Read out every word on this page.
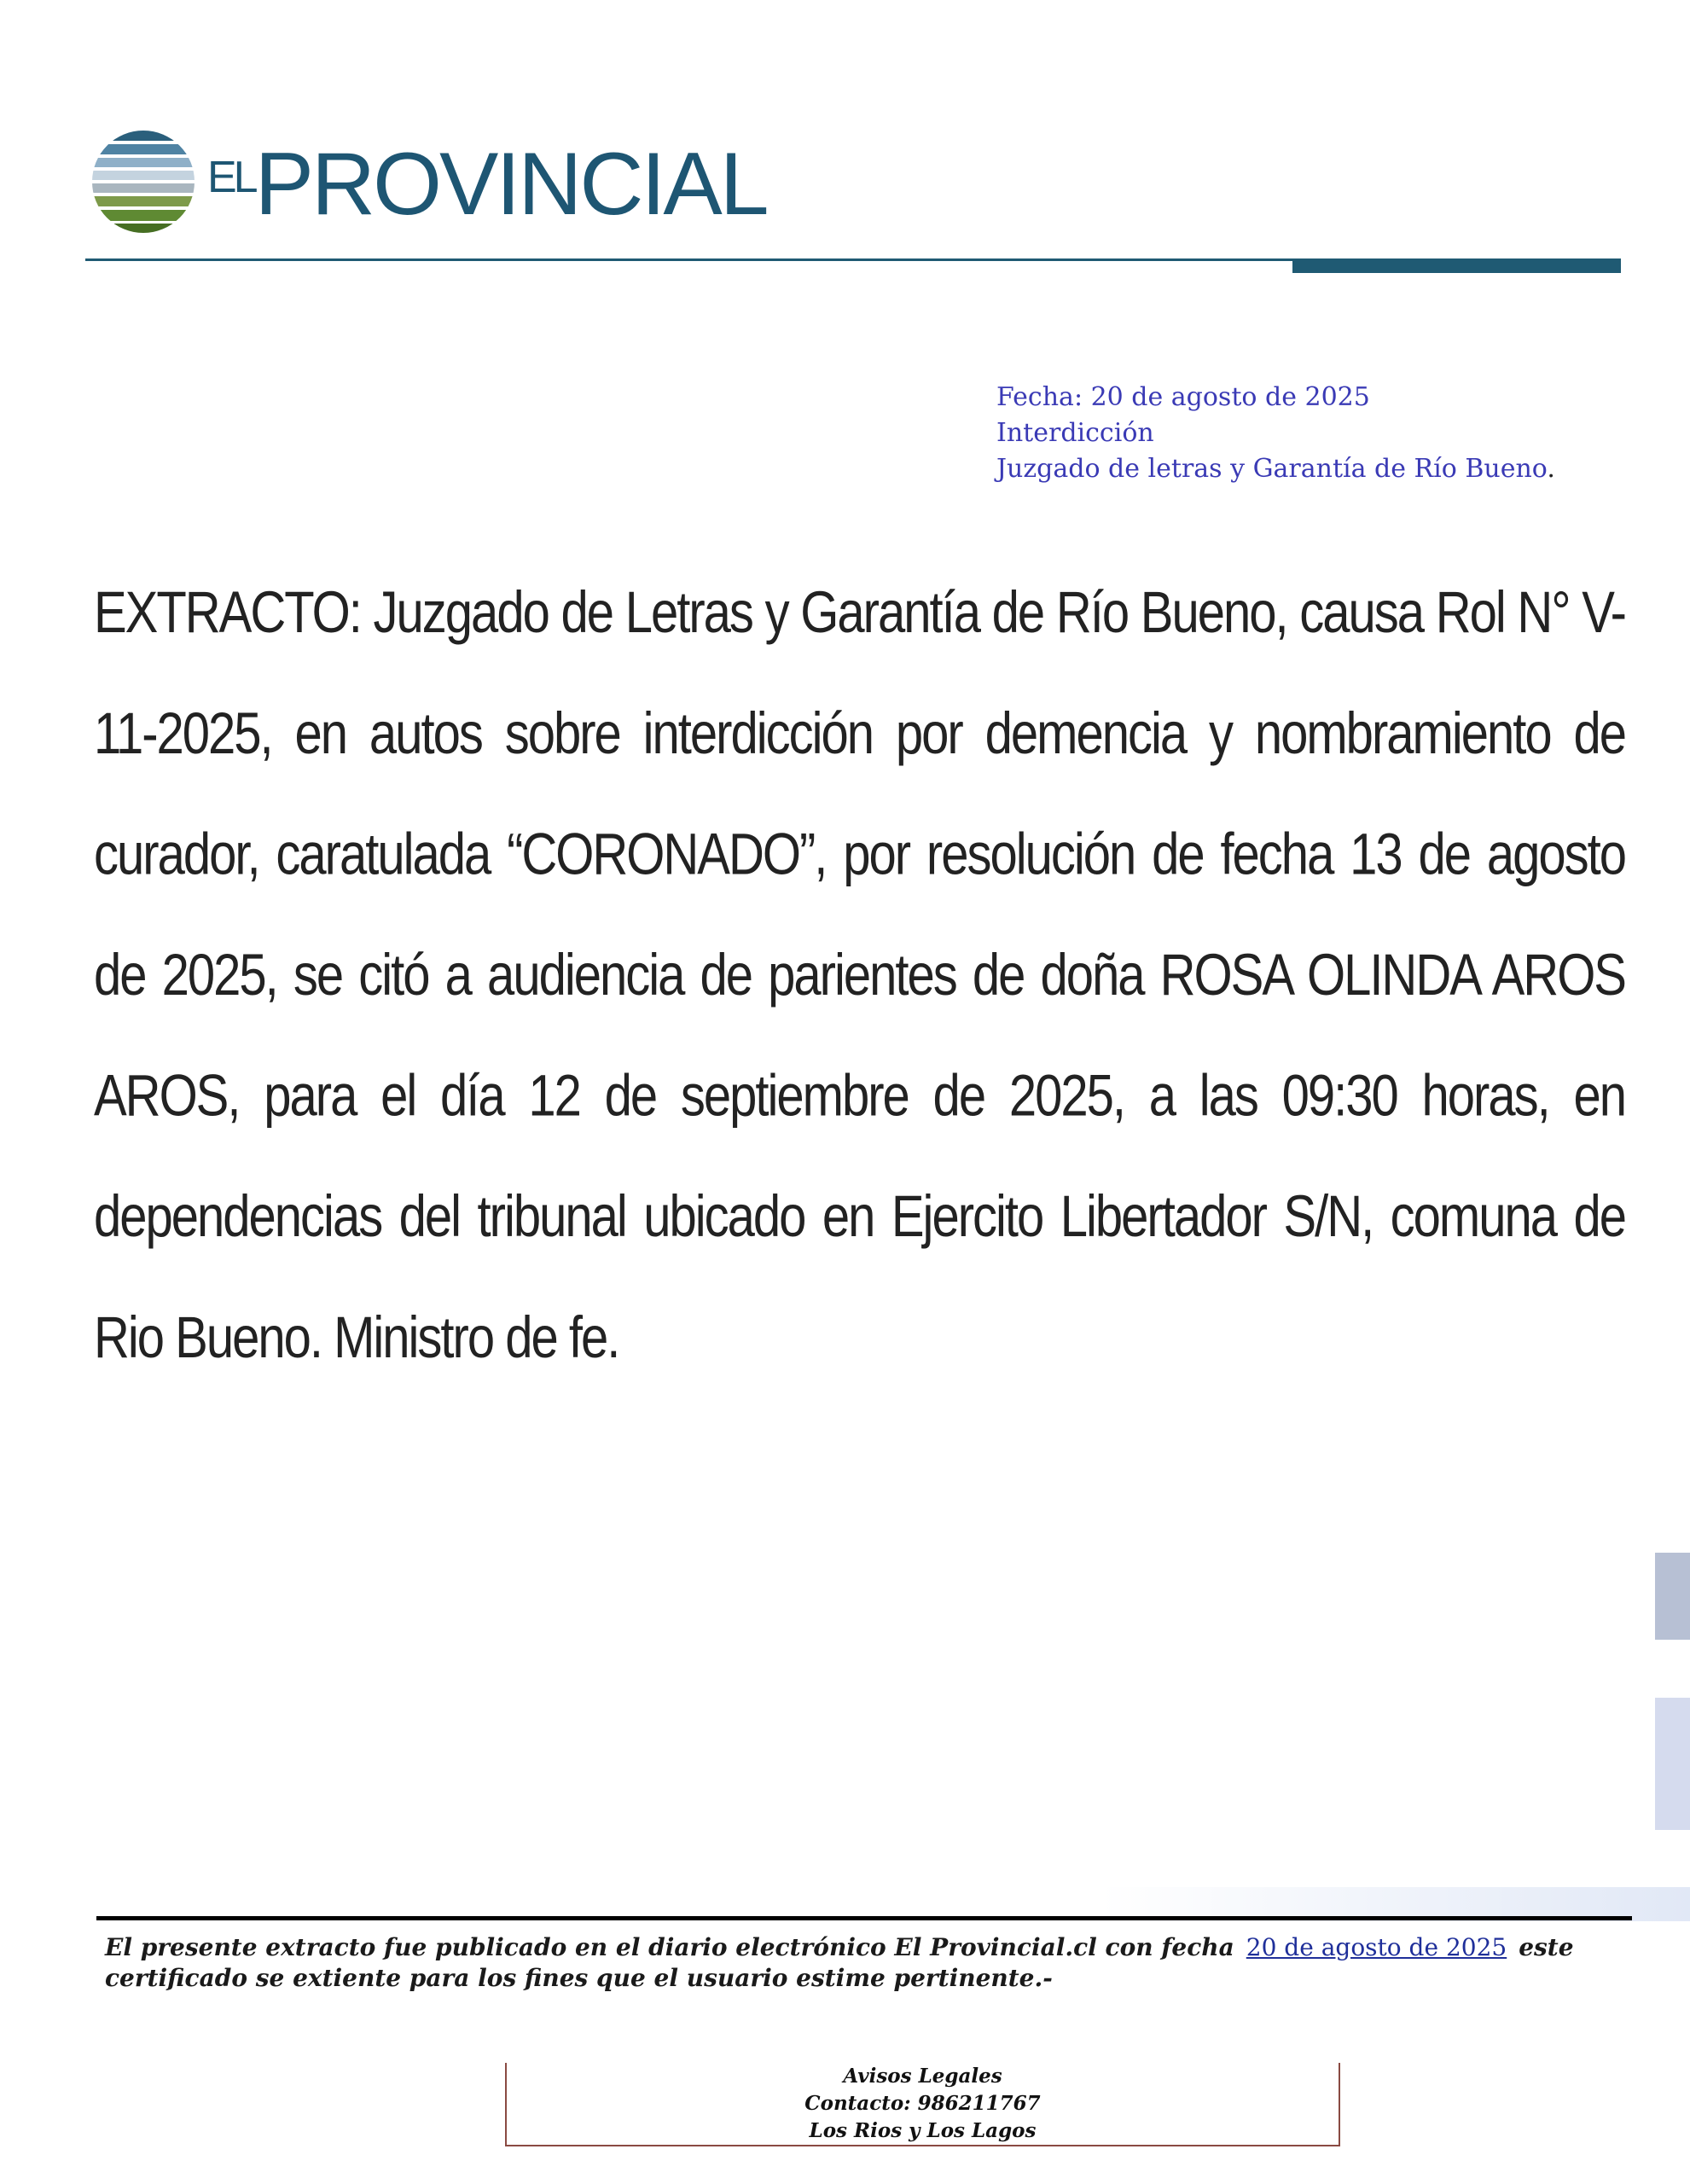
ELPROVINCIAL
Fecha: 20 de agosto de 2025
Interdicción
Juzgado de letras y Garantía de Río Bueno.
EXTRACTO: Juzgado de Letras y Garantía de Río Bueno, causa Rol N° V-11-2025, en autos sobre interdicción por demencia y nombramiento de curador, caratulada “CORONADO”, por resolución de fecha 13 de agosto de 2025, se citó a audiencia de parientes de doña ROSA OLINDA AROS AROS, para el día 12 de septiembre de 2025, a las 09:30 horas, en dependencias del tribunal ubicado en Ejercito Libertador S/N, comuna de Rio Bueno. Ministro de fe.
El presente extracto fue publicado en el diario electrónico El Provincial.cl con fecha 20 de agosto de 2025 este certificado se extiente para los fines que el usuario estime pertinente.-
Avisos Legales
Contacto: 986211767
Los Rios y Los Lagos
